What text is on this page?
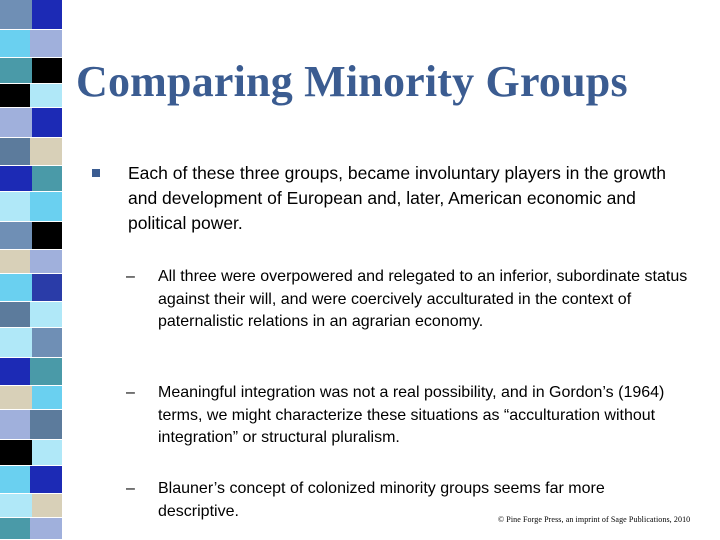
Comparing Minority Groups
Each of these three groups, became involuntary players in the growth and development of European and, later, American economic and political power.
– All three were overpowered and relegated to an inferior, subordinate status against their will, and were coercively acculturated in the context of paternalistic relations in an agrarian economy.
– Meaningful integration was not a real possibility, and in Gordon’s (1964) terms, we might characterize these situations as “acculturation without integration” or structural pluralism.
– Blauner’s concept of colonized minority groups seems far more descriptive.	© Pine Forge Press, an imprint of Sage Publications, 2010
